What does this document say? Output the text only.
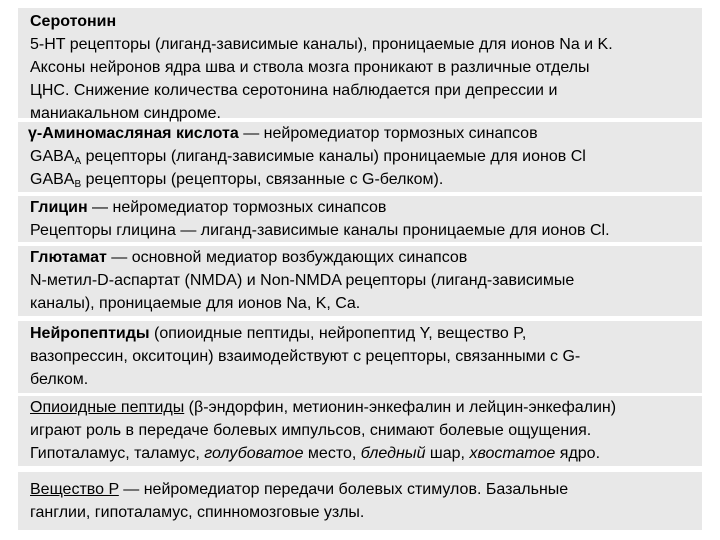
Серотонин
5-HT рецепторы (лиганд-зависимые каналы), проницаемые для ионов Na и K.
Аксоны нейронов ядра шва и ствола мозга проникают в различные отделы
ЦНС. Снижение количества серотонина наблюдается при депрессии и
маниакальном синдроме.
γ-Аминомасляная кислота — нейромедиатор тормозных синапсов
$GABA_A$ рецепторы (лиганд-зависимые каналы) проницаемые для ионов Cl
$GABA_B$ рецепторы (рецепторы, связанные с G-белком).
Глицин — нейромедиатор тормозных синапсов
Рецепторы глицина — лиганд-зависимые каналы проницаемые для ионов Cl.
Глютамат — основной медиатор возбуждающих синапсов
N-метил-D-аспартат (NMDA) и Non-NMDA рецепторы (лиганд-зависимые
каналы), проницаемые для ионов Na, K, Ca.
Нейропептиды (опиоидные пептиды, нейропептид Y, вещество P,
вазопрессин, окситоцин) взаимодействуют с рецепторы, связанными с G-
белком.
Опиоидные пептиды (β-эндорфин, метионин-энкефалин и лейцин-энкефалин)
играют роль в передаче болевых импульсов, снимают болевые ощущения.
Гипоталамус, таламус, голубоватое место, бледный шар, хвостатое ядро.
Вещество P — нейромедиатор передачи болевых стимулов. Базальные
ганглии, гипоталамус, спинномозговые узлы.
